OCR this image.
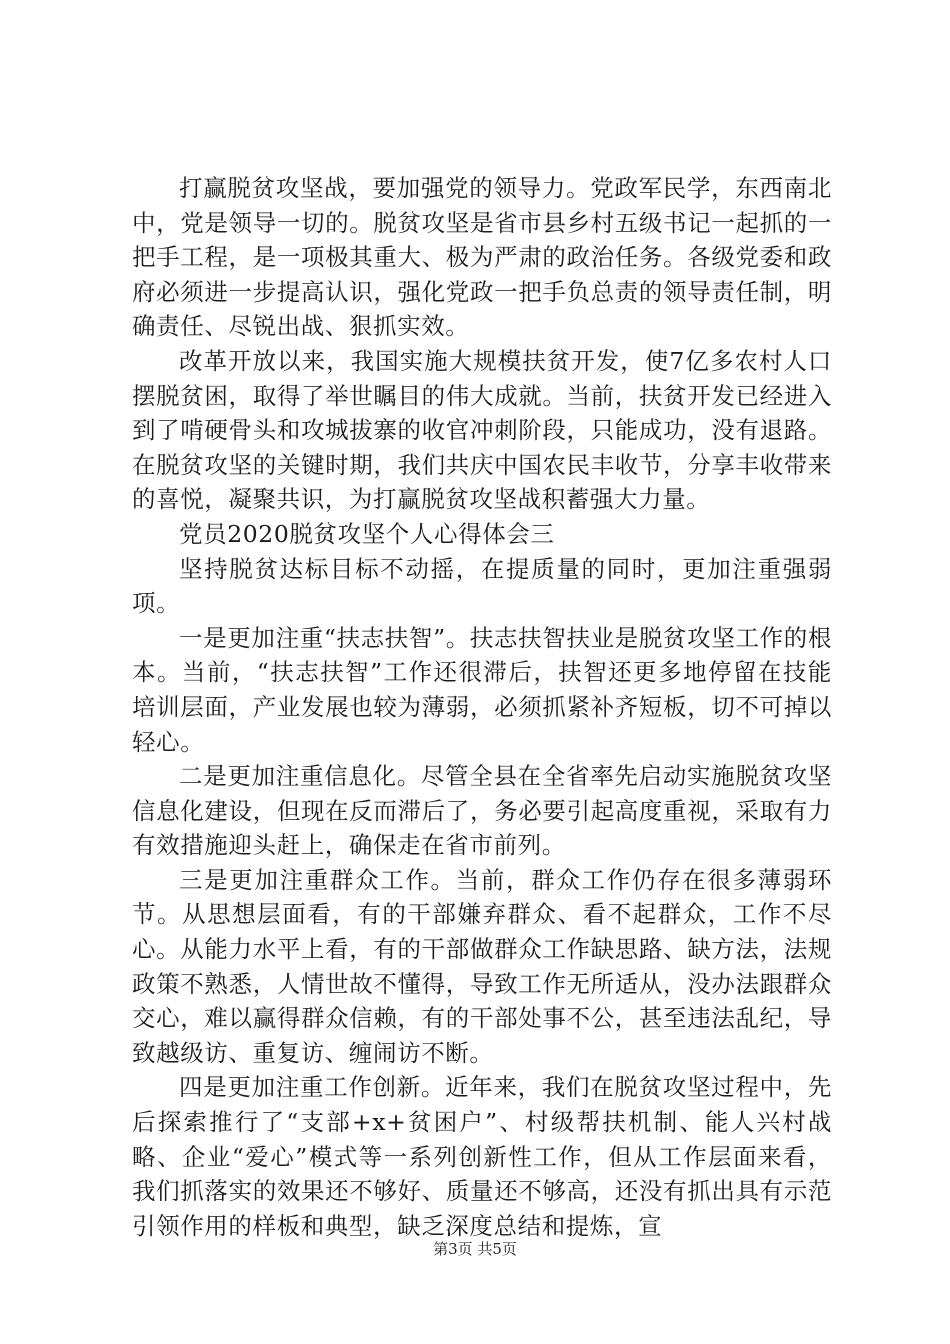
打赢脱贫攻坚战，要加强党的领导力。党政军民学，东西南北中，党是领导一切的。脱贫攻坚是省市县乡村五级书记一起抓的一把手工程，是一项极其重大、极为严肃的政治任务。各级党委和政府必须进一步提高认识，强化党政一把手负总责的领导责任制，明确责任、尽锐出战、狠抓实效。

改革开放以来，我国实施大规模扶贫开发，使7亿多农村人口摆脱贫困，取得了举世瞩目的伟大成就。当前，扶贫开发已经进入到了啃硬骨头和攻城拔寨的收官冲刺阶段，只能成功，没有退路。在脱贫攻坚的关键时期，我们共庆中国农民丰收节，分享丰收带来的喜悦，凝聚共识，为打赢脱贫攻坚战积蓄强大力量。

党员2020脱贫攻坚个人心得体会三

坚持脱贫达标目标不动摇，在提质量的同时，更加注重强弱项。

一是更加注重“扶志扶智”。扶志扶智扶业是脱贫攻坚工作的根本。当前，“扶志扶智”工作还很滞后，扶智还更多地停留在技能培训层面，产业发展也较为薄弱，必须抓紧补齐短板，切不可掉以轻心。

二是更加注重信息化。尽管全县在全省率先启动实施脱贫攻坚信息化建设，但现在反而滞后了，务必要引起高度重视，采取有力有效措施迎头赶上，确保走在省市前列。

三是更加注重群众工作。当前，群众工作仍存在很多薄弱环节。从思想层面看，有的干部嫌弃群众、看不起群众，工作不尽心。从能力水平上看，有的干部做群众工作缺思路、缺方法，法规政策不熟悉，人情世故不懂得，导致工作无所适从，没办法跟群众交心，难以赢得群众信赖，有的干部处事不公，甚至违法乱纪，导致越级访、重复访、缠闹访不断。

四是更加注重工作创新。近年来，我们在脱贫攻坚过程中，先后探索推行了“支部+x+贫困户”、村级帮扶机制、能人兴村战略、企业“爱心”模式等一系列创新性工作，但从工作层面来看，我们抓落实的效果还不够好、质量还不够高，还没有抓出具有示范引领作用的样板和典型，缺乏深度总结和提炼，宣

第3页 共5页
